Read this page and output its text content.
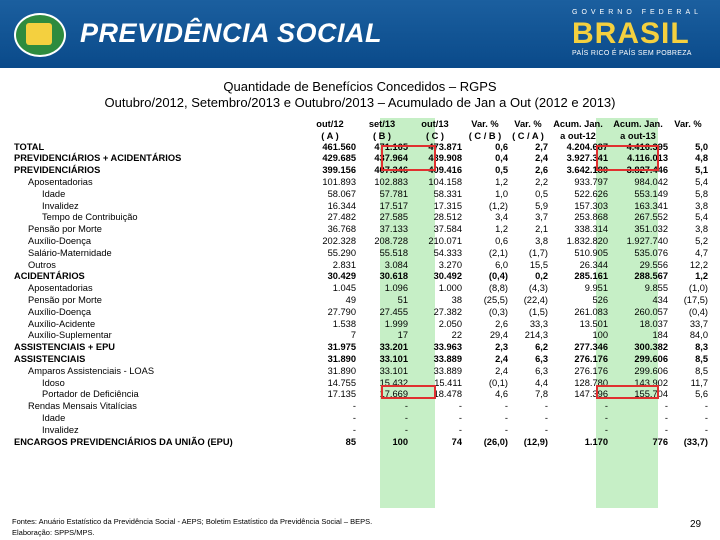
PREVIDÊNCIA SOCIAL
GOVERNO FEDERAL
BRASIL
PAÍS RICO É PAÍS SEM POBREZA
Quantidade de Benefícios Concedidos – RGPS
Outubro/2012, Setembro/2013 e Outubro/2013 – Acumulado de Jan a Out (2012 e 2013)
	out/12	set/13	out/13	Var. %	Var. %	Acum. Jan.	Acum. Jan.	Var. %
	( A )	( B )	( C )	( C / B )	( C / A )	a out-12	a out-13	
TOTAL	461.560	471.165	473.871	0,6	2,7	4.204.687	4.416.395	5,0
PREVIDENCIÁRIOS + ACIDENTÁRIOS	429.685	437.964	439.908	0,4	2,4	3.927.341	4.116.013	4,8
PREVIDENCIÁRIOS	399.156	407.346	409.416	0,5	2,6	3.642.180	3.827.446	5,1
Aposentadorias	101.893	102.883	104.158	1,2	2,2	933.797	984.042	5,4
Idade	58.067	57.781	58.331	1,0	0,5	522.626	553.149	5,8
Invalidez	16.344	17.517	17.315	(1,2)	5,9	157.303	163.341	3,8
Tempo de Contribuição	27.482	27.585	28.512	3,4	3,7	253.868	267.552	5,4
Pensão por Morte	36.768	37.133	37.584	1,2	2,1	338.314	351.032	3,8
Auxílio-Doença	202.328	208.728	210.071	0,6	3,8	1.832.820	1.927.740	5,2
Salário-Maternidade	55.290	55.518	54.333	(2,1)	(1,7)	510.905	535.076	4,7
Outros	2.831	3.084	3.270	6,0	15,5	26.344	29.556	12,2
ACIDENTÁRIOS	30.429	30.618	30.492	(0,4)	0,2	285.161	288.567	1,2
Aposentadorias	1.045	1.096	1.000	(8,8)	(4,3)	9.951	9.855	(1,0)
Pensão por Morte	49	51	38	(25,5)	(22,4)	526	434	(17,5)
Auxílio-Doença	27.790	27.455	27.382	(0,3)	(1,5)	261.083	260.057	(0,4)
Auxílio-Acidente	1.538	1.999	2.050	2,6	33,3	13.501	18.037	33,7
Auxílio-Suplementar	7	17	22	29,4	214,3	100	184	84,0
ASSISTENCIAIS + EPU	31.975	33.201	33.963	2,3	6,2	277.346	300.382	8,3
ASSISTENCIAIS	31.890	33.101	33.889	2,4	6,3	276.176	299.606	8,5
Amparos Assistenciais - LOAS	31.890	33.101	33.889	2,4	6,3	276.176	299.606	8,5
Idoso	14.755	15.432	15.411	(0,1)	4,4	128.780	143.902	11,7
Portador de Deficiência	17.135	17.669	18.478	4,6	7,8	147.396	155.704	5,6
Rendas Mensais Vitalícias	-	-	-	-	-	-	-	-
Idade	-	-	-	-	-	-	-	-
Invalidez	-	-	-	-	-	-	-	-
ENCARGOS PREVIDENCIÁRIOS DA UNIÃO (EPU)	85	100	74	(26,0)	(12,9)	1.170	776	(33,7)
Fontes: Anuário Estatístico da Previdência Social - AEPS; Boletim Estatístico da Previdência Social – BEPS.
Elaboração: SPPS/MPS.
29
